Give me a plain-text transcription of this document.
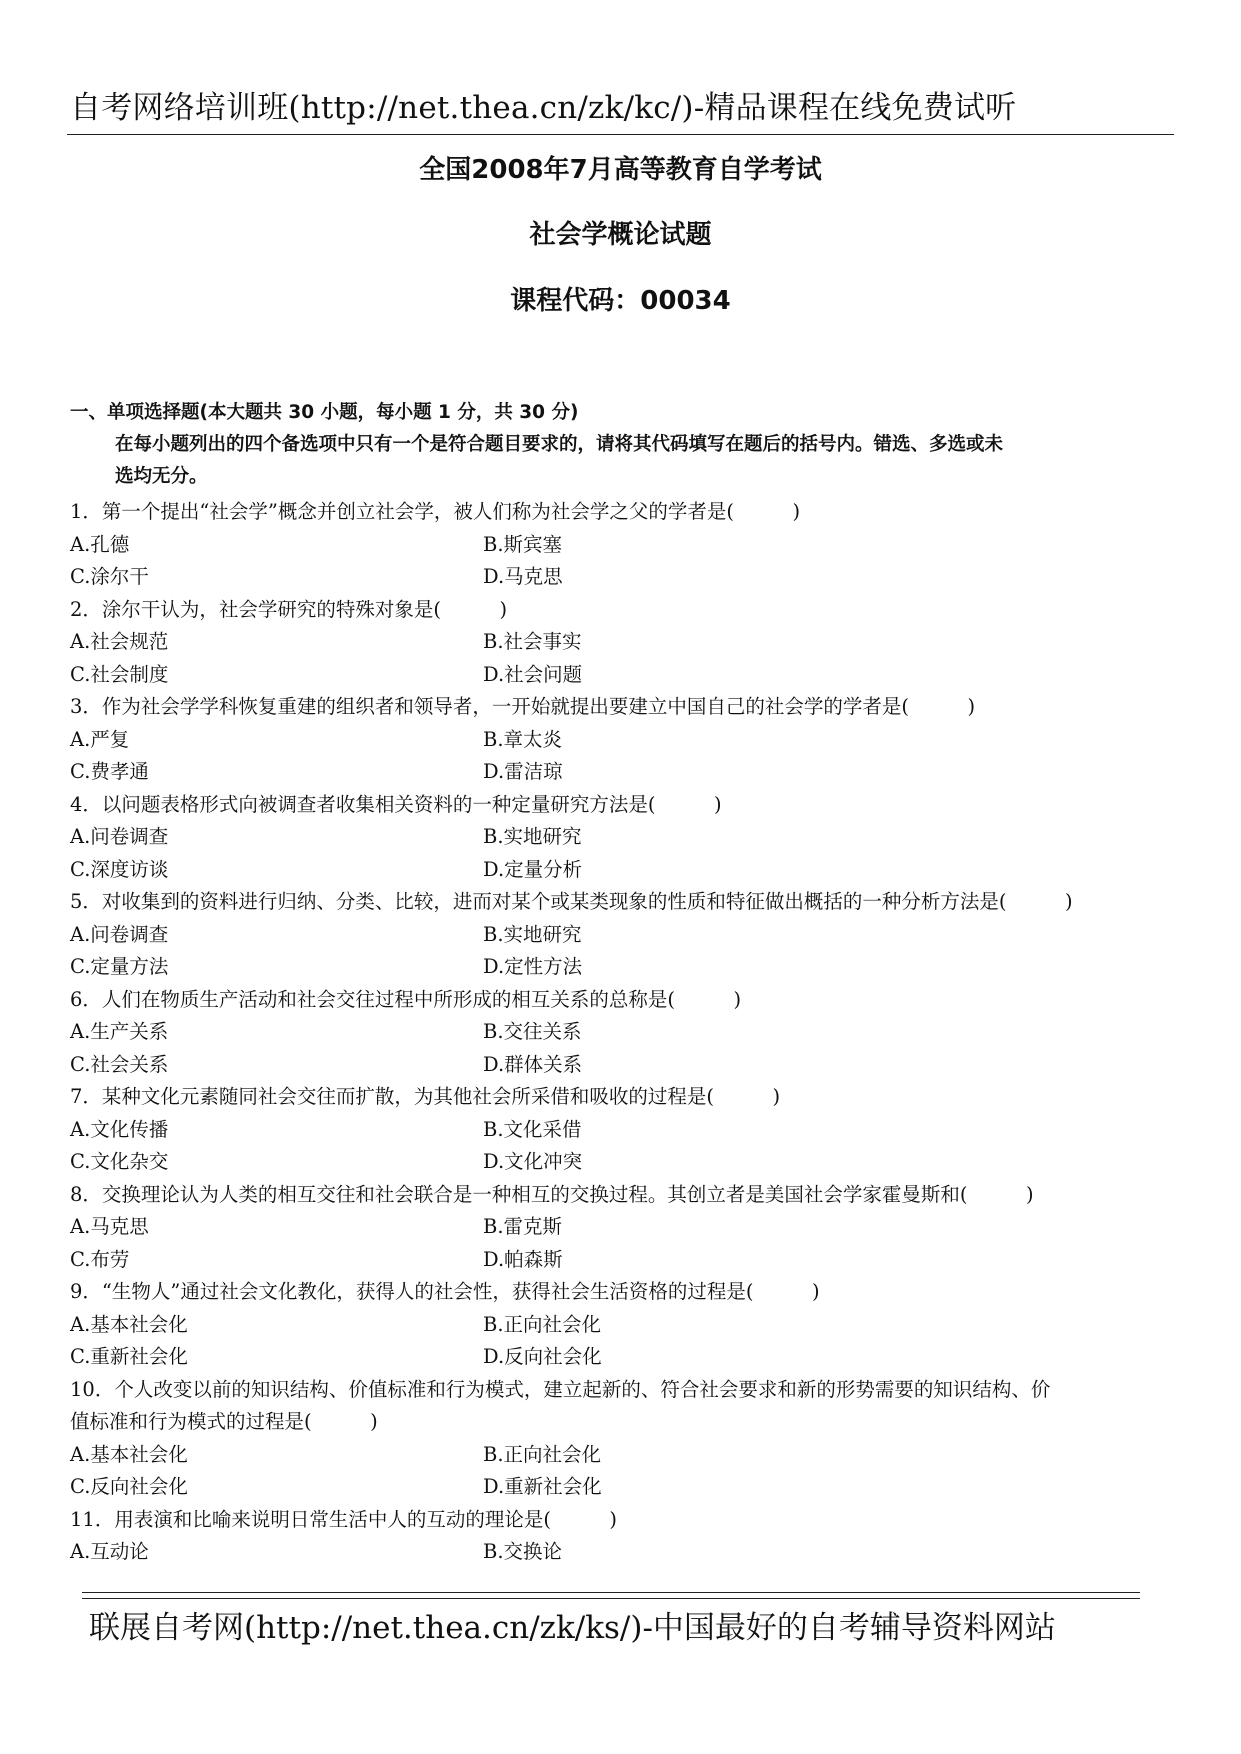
自考网络培训班(http://net.thea.cn/zk/kc/)-精品课程在线免费试听
全国2008年7月高等教育自学考试
社会学概论试题
课程代码：00034
一、单项选择题(本大题共 30 小题，每小题 1 分，共 30 分)
在每小题列出的四个备选项中只有一个是符合题目要求的，请将其代码填写在题后的括号内。错选、多选或未
选均无分。
1．第一个提出“社会学”概念并创立社会学，被人们称为社会学之父的学者是(　　　)
A.孔德	B.斯宾塞
C.涂尔干	D.马克思
2．涂尔干认为，社会学研究的特殊对象是(　　　)
A.社会规范	B.社会事实
C.社会制度	D.社会问题
3．作为社会学学科恢复重建的组织者和领导者，一开始就提出要建立中国自己的社会学的学者是(　　　)
A.严复	B.章太炎
C.费孝通	D.雷洁琼
4．以问题表格形式向被调查者收集相关资料的一种定量研究方法是(　　　)
A.问卷调查	B.实地研究
C.深度访谈	D.定量分析
5．对收集到的资料进行归纳、分类、比较，进而对某个或某类现象的性质和特征做出概括的一种分析方法是(　　　)
A.问卷调查	B.实地研究
C.定量方法	D.定性方法
6．人们在物质生产活动和社会交往过程中所形成的相互关系的总称是(　　　)
A.生产关系	B.交往关系
C.社会关系	D.群体关系
7．某种文化元素随同社会交往而扩散，为其他社会所采借和吸收的过程是(　　　)
A.文化传播	B.文化采借
C.文化杂交	D.文化冲突
8．交换理论认为人类的相互交往和社会联合是一种相互的交换过程。其创立者是美国社会学家霍曼斯和(　　　)
A.马克思	B.雷克斯
C.布劳	D.帕森斯
9．“生物人”通过社会文化教化，获得人的社会性，获得社会生活资格的过程是(　　　)
A.基本社会化	B.正向社会化
C.重新社会化	D.反向社会化
10．个人改变以前的知识结构、价值标准和行为模式，建立起新的、符合社会要求和新的形势需要的知识结构、价
值标准和行为模式的过程是(　　　)
A.基本社会化	B.正向社会化
C.反向社会化	D.重新社会化
11．用表演和比喻来说明日常生活中人的互动的理论是(　　　)
A.互动论	B.交换论
联展自考网(http://net.thea.cn/zk/ks/)-中国最好的自考辅导资料网站
